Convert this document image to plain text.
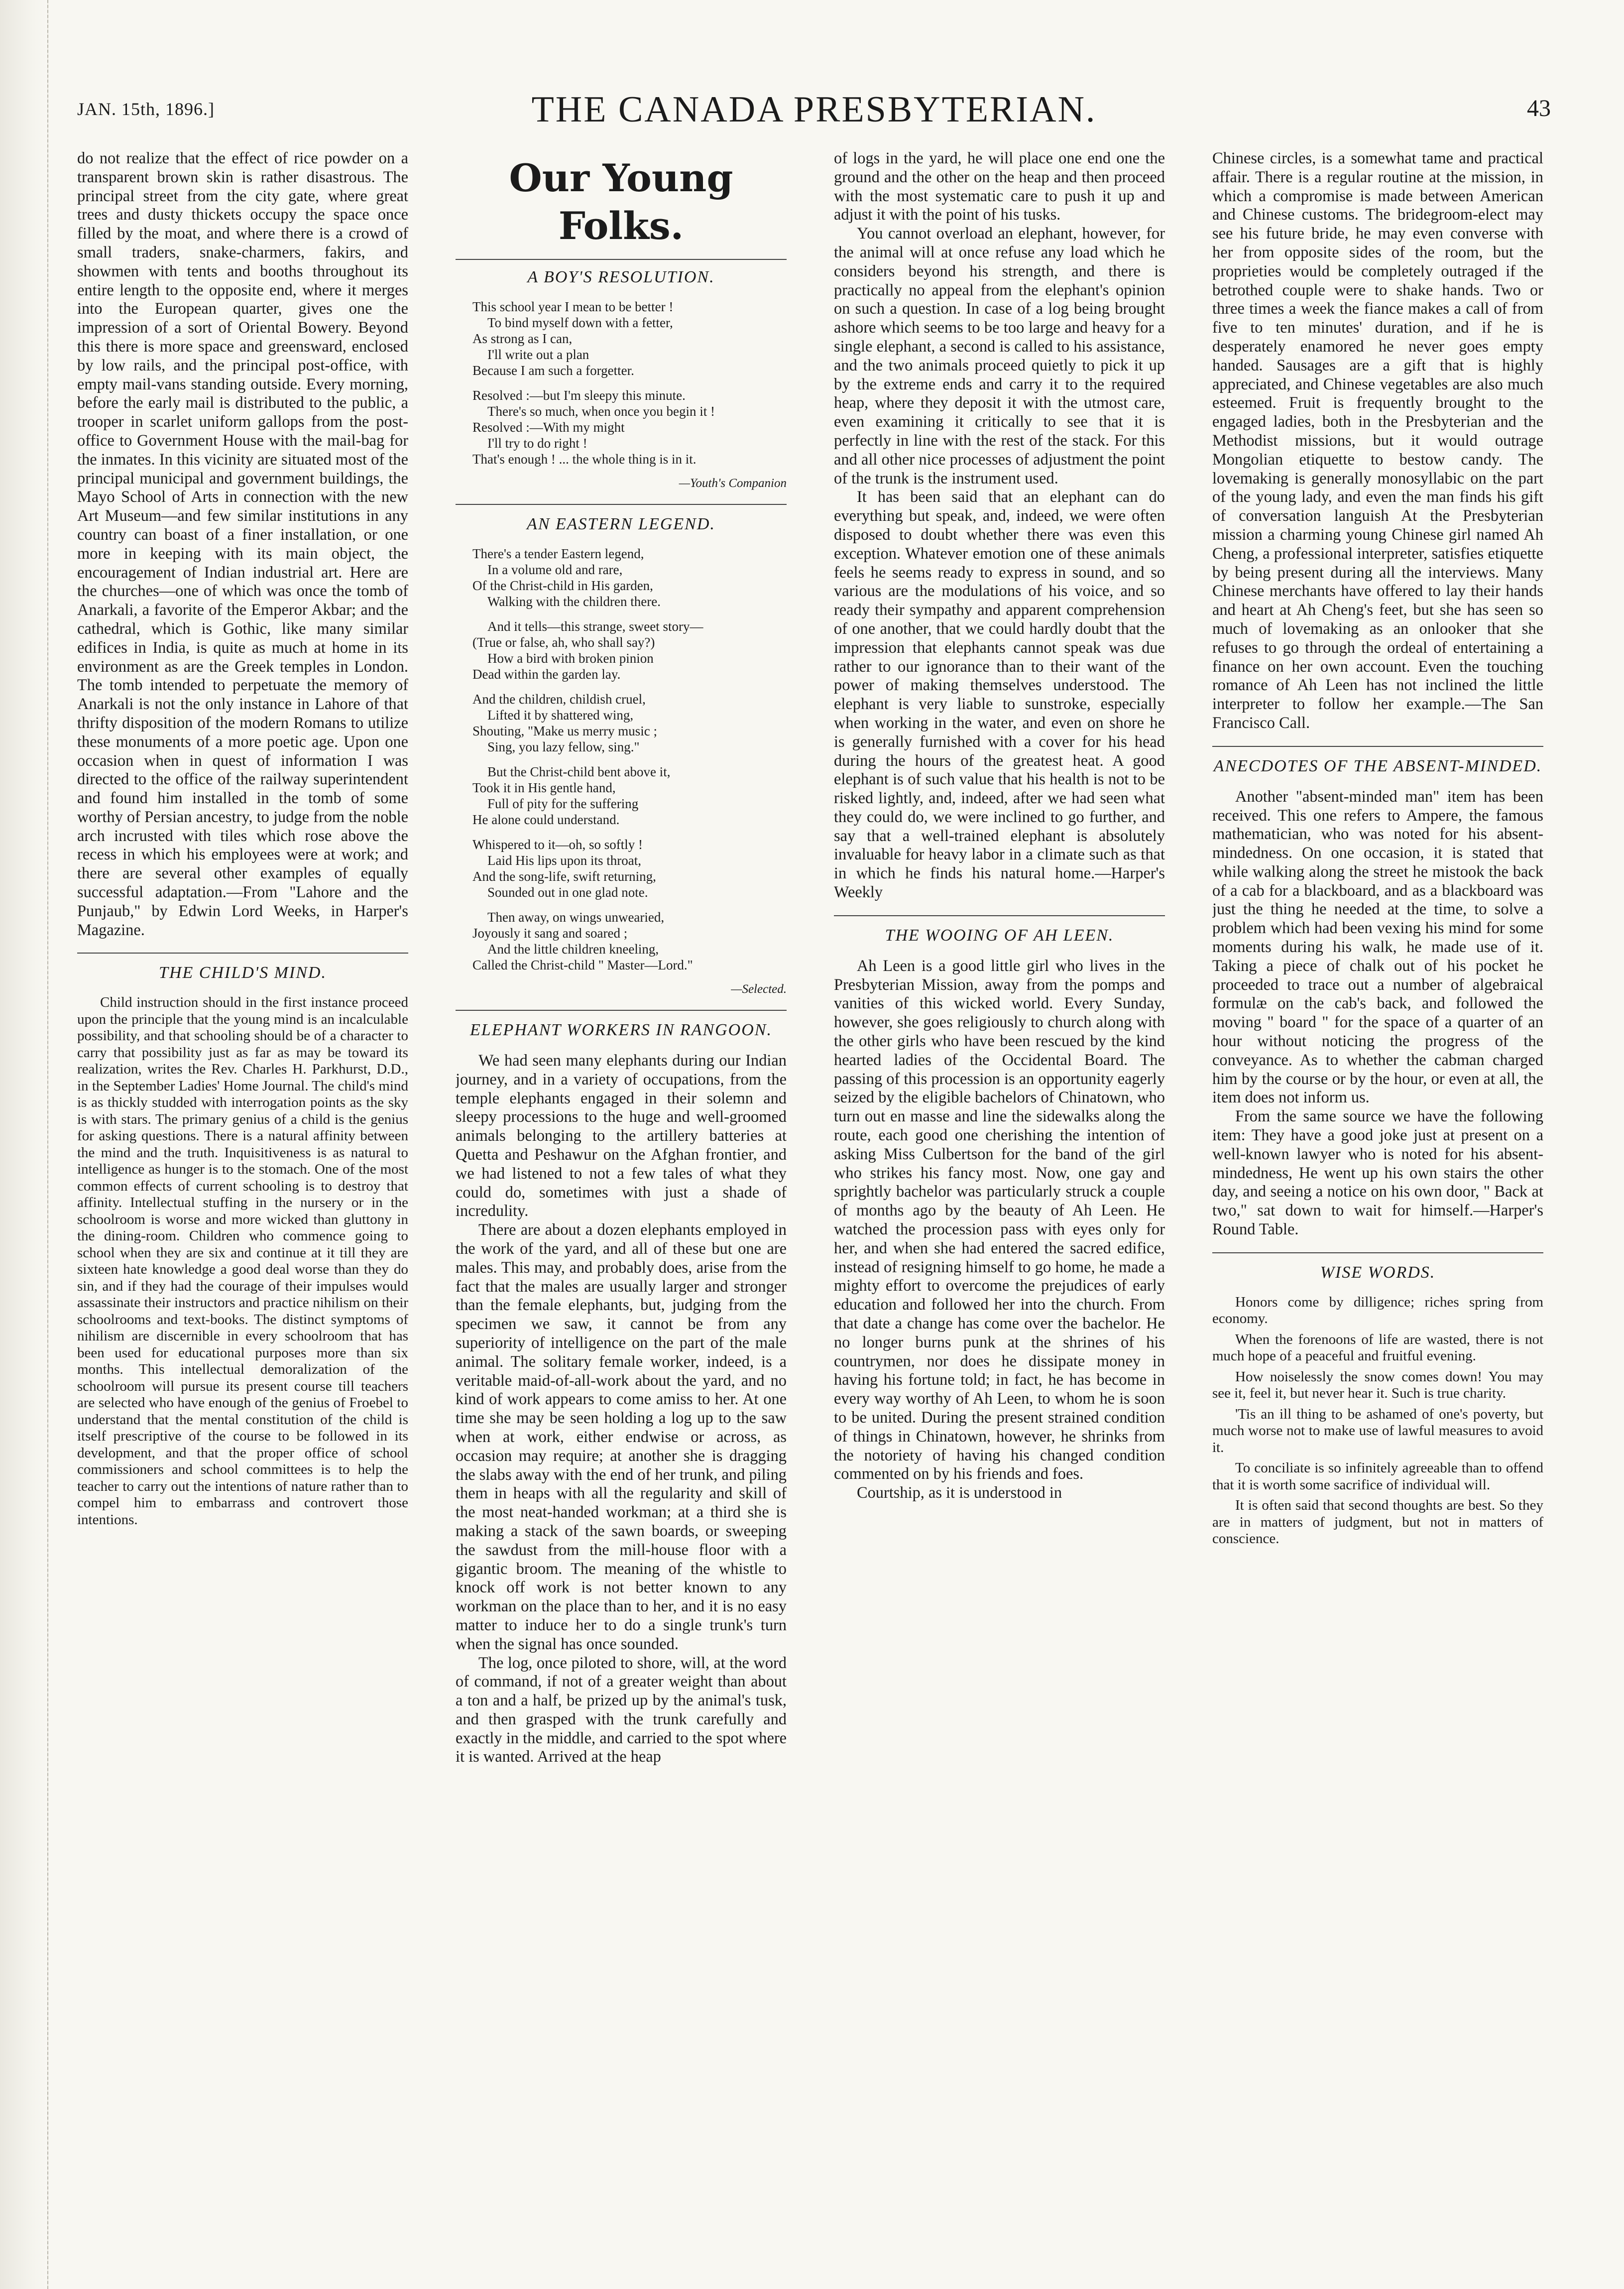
JAN. 15th, 1896.]	THE CANADA PRESBYTERIAN.	43

do not realize that the effect of rice powder on a transparent brown skin is rather disastrous. The principal street from the city gate, where great trees and dusty thickets occupy the space once filled by the moat, and where there is a crowd of small traders, snake-charmers, fakirs, and showmen with tents and booths throughout its entire length to the opposite end, where it merges into the European quarter, gives one the impression of a sort of Oriental Bowery. Beyond this there is more space and greensward, enclosed by low rails, and the principal post-office, with empty mail-vans standing outside. Every morning, before the early mail is distributed to the public, a trooper in scarlet uniform gallops from the post-office to Government House with the mail-bag for the inmates. In this vicinity are situated most of the principal municipal and government buildings, the Mayo School of Arts in connection with the new Art Museum—and few similar institutions in any country can boast of a finer installation, or one more in keeping with its main object, the encouragement of Indian industrial art. Here are the churches—one of which was once the tomb of Anarkali, a favorite of the Emperor Akbar; and the cathedral, which is Gothic, like many similar edifices in India, is quite as much at home in its environment as are the Greek temples in London. The tomb intended to perpetuate the memory of Anarkali is not the only instance in Lahore of that thrifty disposition of the modern Romans to utilize these monuments of a more poetic age. Upon one occasion when in quest of information I was directed to the office of the railway superintendent and found him installed in the tomb of some worthy of Persian ancestry, to judge from the noble arch incrusted with tiles which rose above the recess in which his employees were at work; and there are several other examples of equally successful adaptation.—From "Lahore and the Punjaub," by Edwin Lord Weeks, in Harper's Magazine.

THE CHILD'S MIND.

Child instruction should in the first instance proceed upon the principle that the young mind is an incalculable possibility, and that schooling should be of a character to carry that possibility just as far as may be toward its realization, writes the Rev. Charles H. Parkhurst, D.D., in the September Ladies' Home Journal. The child's mind is as thickly studded with interrogation points as the sky is with stars. The primary genius of a child is the genius for asking questions. There is a natural affinity between the mind and the truth. Inquisitiveness is as natural to intelligence as hunger is to the stomach. One of the most common effects of current schooling is to destroy that affinity. Intellectual stuffing in the nursery or in the schoolroom is worse and more wicked than gluttony in the dining-room. Children who commence going to school when they are six and continue at it till they are sixteen hate knowledge a good deal worse than they do sin, and if they had the courage of their impulses would assassinate their instructors and practice nihilism on their schoolrooms and text-books. The distinct symptoms of nihilism are discernible in every schoolroom that has been used for educational purposes more than six months. This intellectual demoralization of the schoolroom will pursue its present course till teachers are selected who have enough of the genius of Froebel to understand that the mental constitution of the child is itself prescriptive of the course to be followed in its development, and that the proper office of school commissioners and school committees is to help the teacher to carry out the intentions of nature rather than to compel him to embarrass and controvert those intentions.

Our Young Folks.
A BOY'S RESOLUTION.
This school year I mean to be better !
To bind myself down with a fetter,
As strong as I can,
I'll write out a plan
Because I am such a forgetter.
Resolved :—but I'm sleepy this minute.
There's so much, when once you begin it !
Resolved :—With my might
I'll try to do right !
That's enough ! ... the whole thing is in it.
—Youth's Companion
AN EASTERN LEGEND.
There's a tender Eastern legend,
In a volume old and rare,
Of the Christ-child in His garden,
Walking with the children there.
And it tells—this strange, sweet story—
(True or false, ah, who shall say?)
How a bird with broken pinion
Dead within the garden lay.
And the children, childish cruel,
Lifted it by shattered wing,
Shouting, "Make us merry music ;
Sing, you lazy fellow, sing."
But the Christ-child bent above it,
Took it in His gentle hand,
Full of pity for the suffering
He alone could understand.
Whispered to it—oh, so softly !
Laid His lips upon its throat,
And the song-life, swift returning,
Sounded out in one glad note.
Then away, on wings unwearied,
Joyously it sang and soared ;
And the little children kneeling,
Called the Christ-child " Master—Lord."
—Selected.
ELEPHANT WORKERS IN RANGOON.

We had seen many elephants during our Indian journey, and in a variety of occupations, from the temple elephants engaged in their solemn and sleepy processions to the huge and well-groomed animals belonging to the artillery batteries at Quetta and Peshawur on the Afghan frontier, and we had listened to not a few tales of what they could do, sometimes with just a shade of incredulity.

There are about a dozen elephants employed in the work of the yard, and all of these but one are males. This may, and probably does, arise from the fact that the males are usually larger and stronger than the female elephants, but, judging from the specimen we saw, it cannot be from any superiority of intelligence on the part of the male animal. The solitary female worker, indeed, is a veritable maid-of-all-work about the yard, and no kind of work appears to come amiss to her. At one time she may be seen holding a log up to the saw when at work, either endwise or across, as occasion may require; at another she is dragging the slabs away with the end of her trunk, and piling them in heaps with all the regularity and skill of the most neat-handed workman; at a third she is making a stack of the sawn boards, or sweeping the sawdust from the mill-house floor with a gigantic broom. The meaning of the whistle to knock off work is not better known to any workman on the place than to her, and it is no easy matter to induce her to do a single trunk's turn when the signal has once sounded.

The log, once piloted to shore, will, at the word of command, if not of a greater weight than about a ton and a half, be prized up by the animal's tusk, and then grasped with the trunk carefully and exactly in the middle, and carried to the spot where it is wanted. Arrived at the heap

of logs in the yard, he will place one end one the ground and the other on the heap and then proceed with the most systematic care to push it up and adjust it with the point of his tusks.

You cannot overload an elephant, however, for the animal will at once refuse any load which he considers beyond his strength, and there is practically no appeal from the elephant's opinion on such a question. In case of a log being brought ashore which seems to be too large and heavy for a single elephant, a second is called to his assistance, and the two animals proceed quietly to pick it up by the extreme ends and carry it to the required heap, where they deposit it with the utmost care, even examining it critically to see that it is perfectly in line with the rest of the stack. For this and all other nice processes of adjustment the point of the trunk is the instrument used.

It has been said that an elephant can do everything but speak, and, indeed, we were often disposed to doubt whether there was even this exception. Whatever emotion one of these animals feels he seems ready to express in sound, and so various are the modulations of his voice, and so ready their sympathy and apparent comprehension of one another, that we could hardly doubt that the impression that elephants cannot speak was due rather to our ignorance than to their want of the power of making themselves understood. The elephant is very liable to sunstroke, especially when working in the water, and even on shore he is generally furnished with a cover for his head during the hours of the greatest heat. A good elephant is of such value that his health is not to be risked lightly, and, indeed, after we had seen what they could do, we were inclined to go further, and say that a well-trained elephant is absolutely invaluable for heavy labor in a climate such as that in which he finds his natural home.—Harper's Weekly

THE WOOING OF AH LEEN.

Ah Leen is a good little girl who lives in the Presbyterian Mission, away from the pomps and vanities of this wicked world. Every Sunday, however, she goes religiously to church along with the other girls who have been rescued by the kind hearted ladies of the Occidental Board. The passing of this procession is an opportunity eagerly seized by the eligible bachelors of Chinatown, who turn out en masse and line the sidewalks along the route, each good one cherishing the intention of asking Miss Culbertson for the band of the girl who strikes his fancy most. Now, one gay and sprightly bachelor was particularly struck a couple of months ago by the beauty of Ah Leen. He watched the procession pass with eyes only for her, and when she had entered the sacred edifice, instead of resigning himself to go home, he made a mighty effort to overcome the prejudices of early education and followed her into the church. From that date a change has come over the bachelor. He no longer burns punk at the shrines of his countrymen, nor does he dissipate money in having his fortune told; in fact, he has become in every way worthy of Ah Leen, to whom he is soon to be united. During the present strained condition of things in Chinatown, however, he shrinks from the notoriety of having his changed condition commented on by his friends and foes.

Courtship, as it is understood in

Chinese circles, is a somewhat tame and practical affair. There is a regular routine at the mission, in which a compromise is made between American and Chinese customs. The bridegroom-elect may see his future bride, he may even converse with her from opposite sides of the room, but the proprieties would be completely outraged if the betrothed couple were to shake hands. Two or three times a week the fiance makes a call of from five to ten minutes' duration, and if he is desperately enamored he never goes empty handed. Sausages are a gift that is highly appreciated, and Chinese vegetables are also much esteemed. Fruit is frequently brought to the engaged ladies, both in the Presbyterian and the Methodist missions, but it would outrage Mongolian etiquette to bestow candy. The lovemaking is generally monosyllabic on the part of the young lady, and even the man finds his gift of conversation languish At the Presbyterian mission a charming young Chinese girl named Ah Cheng, a professional interpreter, satisfies etiquette by being present during all the interviews. Many Chinese merchants have offered to lay their hands and heart at Ah Cheng's feet, but she has seen so much of lovemaking as an onlooker that she refuses to go through the ordeal of entertaining a finance on her own account. Even the touching romance of Ah Leen has not inclined the little interpreter to follow her example.—The San Francisco Call.

ANECDOTES OF THE ABSENT-MINDED.

Another "absent-minded man" item has been received. This one refers to Ampere, the famous mathematician, who was noted for his absent-mindedness. On one occasion, it is stated that while walking along the street he mistook the back of a cab for a blackboard, and as a blackboard was just the thing he needed at the time, to solve a problem which had been vexing his mind for some moments during his walk, he made use of it. Taking a piece of chalk out of his pocket he proceeded to trace out a number of algebraical formulæ on the cab's back, and followed the moving " board " for the space of a quarter of an hour without noticing the progress of the conveyance. As to whether the cabman charged him by the course or by the hour, or even at all, the item does not inform us.

From the same source we have the following item: They have a good joke just at present on a well-known lawyer who is noted for his absent-mindedness, He went up his own stairs the other day, and seeing a notice on his own door, " Back at two," sat down to wait for himself.—Harper's Round Table.

WISE WORDS.

Honors come by dilligence; riches spring from economy.

When the forenoons of life are wasted, there is not much hope of a peaceful and fruitful evening.

How noiselessly the snow comes down! You may see it, feel it, but never hear it. Such is true charity.

'Tis an ill thing to be ashamed of one's poverty, but much worse not to make use of lawful measures to avoid it.

To conciliate is so infinitely agreeable than to offend that it is worth some sacrifice of individual will.

It is often said that second thoughts are best. So they are in matters of judgment, but not in matters of conscience.
